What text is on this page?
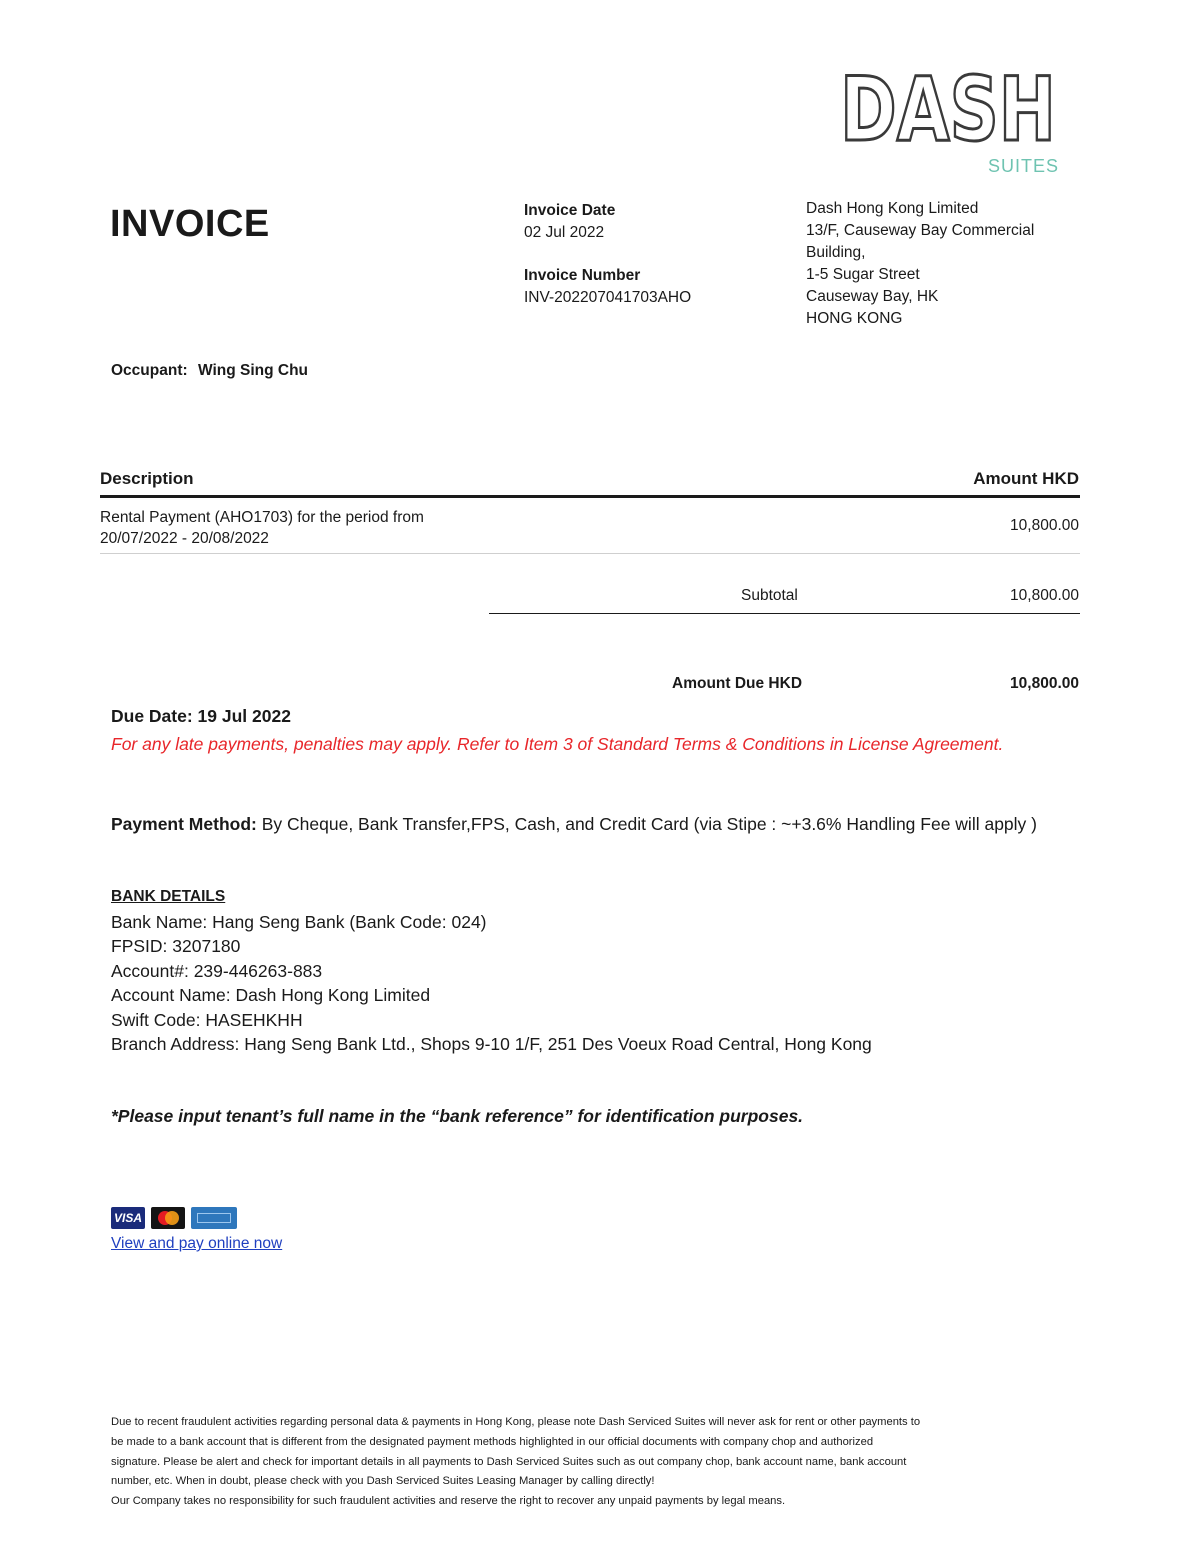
DASH
SUITES
INVOICE	Invoice Date
02 Jul 2022
Invoice Number
INV-202207041703AHO
Dash Hong Kong Limited
13/F, Causeway Bay Commercial
Building,
1-5 Sugar Street
Causeway Bay, HK
HONG KONG
Occupant: Wing Sing Chu
Description	Amount HKD
Rental Payment (AHO1703) for the period from
20/07/2022 - 20/08/2022
10,800.00
Subtotal	10,800.00
Amount Due HKD	10,800.00
Due Date: 19 Jul 2022
For any late payments, penalties may apply. Refer to Item 3 of Standard Terms & Conditions in License Agreement.
Payment Method: By Cheque, Bank Transfer,FPS, Cash, and Credit Card (via Stipe : ~+3.6% Handling Fee will apply )
BANK DETAILS
Bank Name: Hang Seng Bank (Bank Code: 024)
FPSID: 3207180
Account#: 239-446263-883
Account Name: Dash Hong Kong Limited
Swift Code: HASEHKHH
Branch Address: Hang Seng Bank Ltd., Shops 9-10 1/F, 251 Des Voeux Road Central, Hong Kong
*Please input tenant’s full name in the “bank reference” for identification purposes.
VISA
View and pay online now
Due to recent fraudulent activities regarding personal data & payments in Hong Kong, please note Dash Serviced Suites will never ask for rent or other payments to
be made to a bank account that is different from the designated payment methods highlighted in our official documents with company chop and authorized
signature. Please be alert and check for important details in all payments to Dash Serviced Suites such as out company chop, bank account name, bank account
number, etc. When in doubt, please check with you Dash Serviced Suites Leasing Manager by calling directly!
Our Company takes no responsibility for such fraudulent activities and reserve the right to recover any unpaid payments by legal means.
